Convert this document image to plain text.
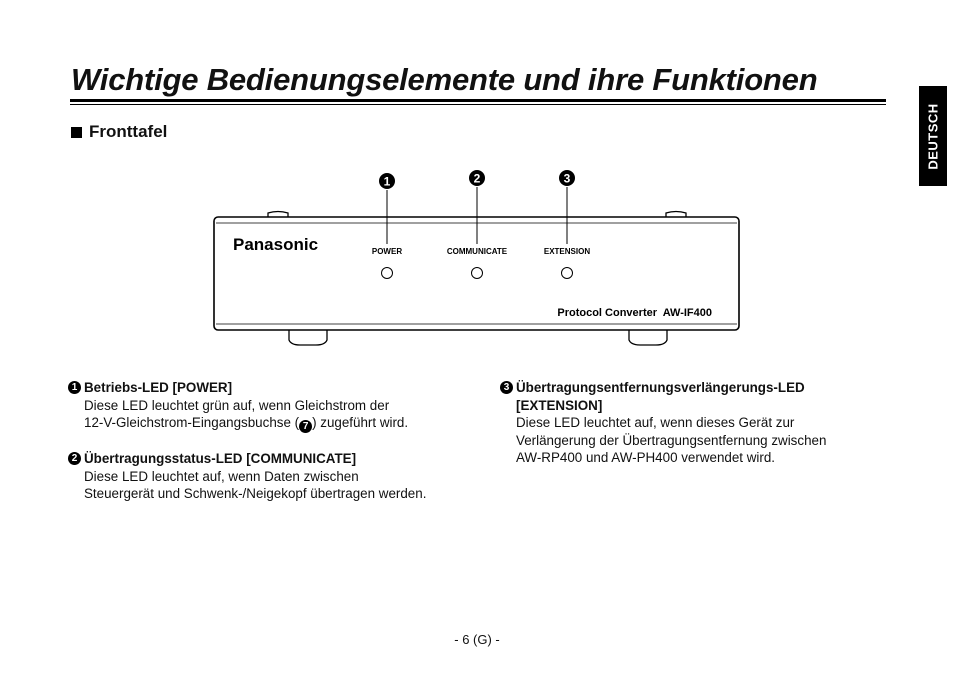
Wichtige Bedienungselemente und ihre Funktionen
DEUTSCH
Fronttafel
Panasonic
Protocol Converter  AW-IF400
1
POWER
2
COMMUNICATE
3
EXTENSION
1 Betriebs-LED [POWER]
Diese LED leuchtet grün auf, wenn Gleichstrom der
12-V-Gleichstrom-Eingangsbuchse ( 7 ) zugeführt wird.
2 Übertragungsstatus-LED [COMMUNICATE]
Diese LED leuchtet auf, wenn Daten zwischen
Steuergerät und Schwenk-/Neigekopf übertragen werden.
3 Übertragungsentfernungsverlängerungs-LED
[EXTENSION]
Diese LED leuchtet auf, wenn dieses Gerät zur
Verlängerung der Übertragungsentfernung zwischen
AW-RP400 und AW-PH400 verwendet wird.
- 6 (G) -
